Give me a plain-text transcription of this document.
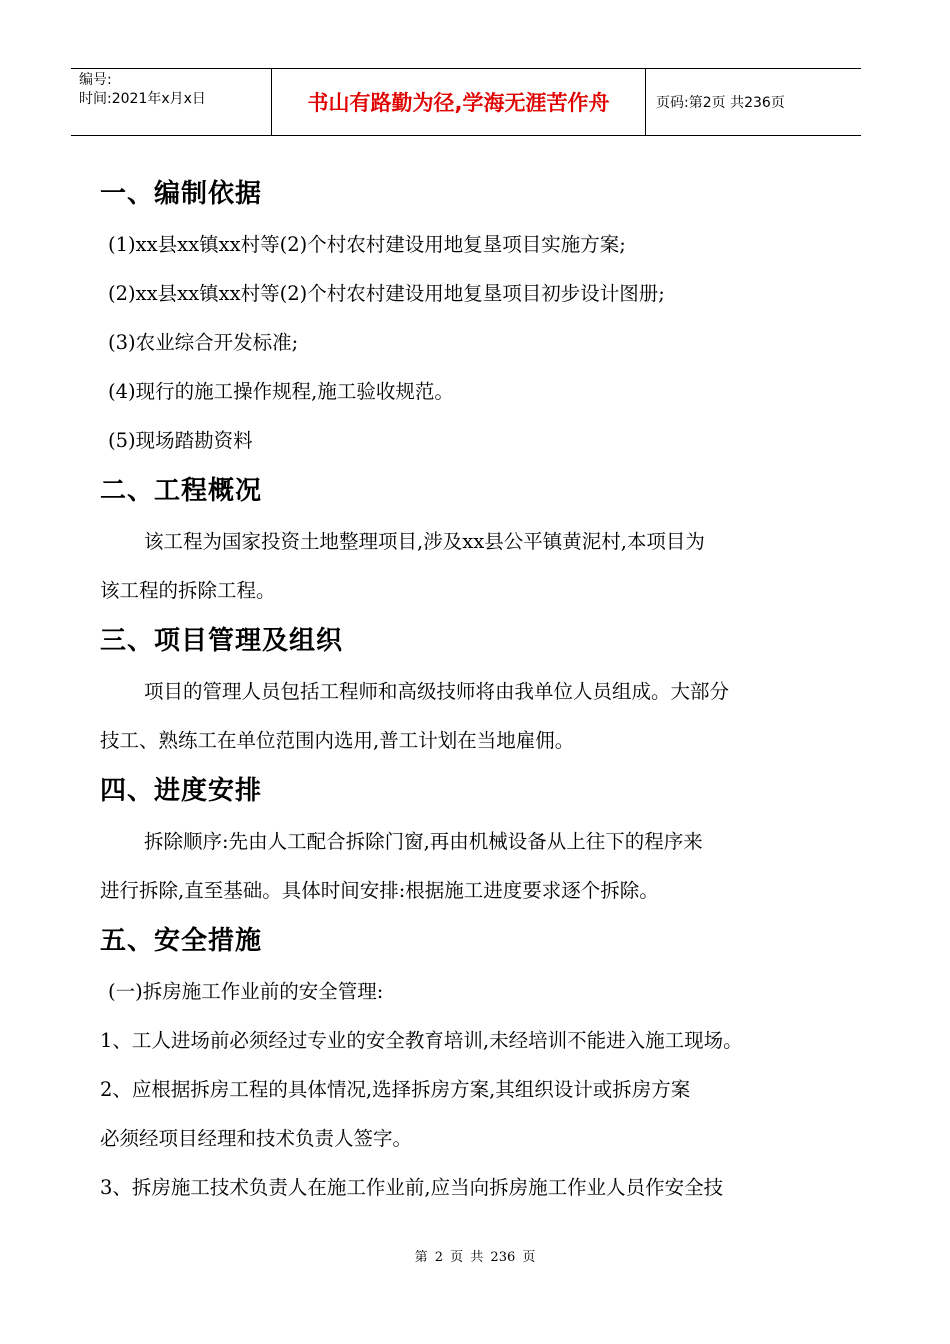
编号:
时间:2021年x月x日	书山有路勤为径,学海无涯苦作舟	页码:第2页 共236页
一、编制依据

(1)xx县xx镇xx村等(2)个村农村建设用地复垦项目实施方案;

(2)xx县xx镇xx村等(2)个村农村建设用地复垦项目初步设计图册;

(3)农业综合开发标准;

(4)现行的施工操作规程,施工验收规范。

(5)现场踏勘资料

二、工程概况

该工程为国家投资土地整理项目,涉及xx县公平镇黄泥村,本项目为

该工程的拆除工程。

三、项目管理及组织

项目的管理人员包括工程师和高级技师将由我单位人员组成。大部分

技工、熟练工在单位范围内选用,普工计划在当地雇佣。

四、进度安排

拆除顺序:先由人工配合拆除门窗,再由机械设备从上往下的程序来

进行拆除,直至基础。具体时间安排:根据施工进度要求逐个拆除。

五、安全措施

(一)拆房施工作业前的安全管理:

1、工人进场前必须经过专业的安全教育培训,未经培训不能进入施工现场。

2、应根据拆房工程的具体情况,选择拆房方案,其组织设计或拆房方案

必须经项目经理和技术负责人签字。

3、拆房施工技术负责人在施工作业前,应当向拆房施工作业人员作安全技

第 2 页 共 236 页
